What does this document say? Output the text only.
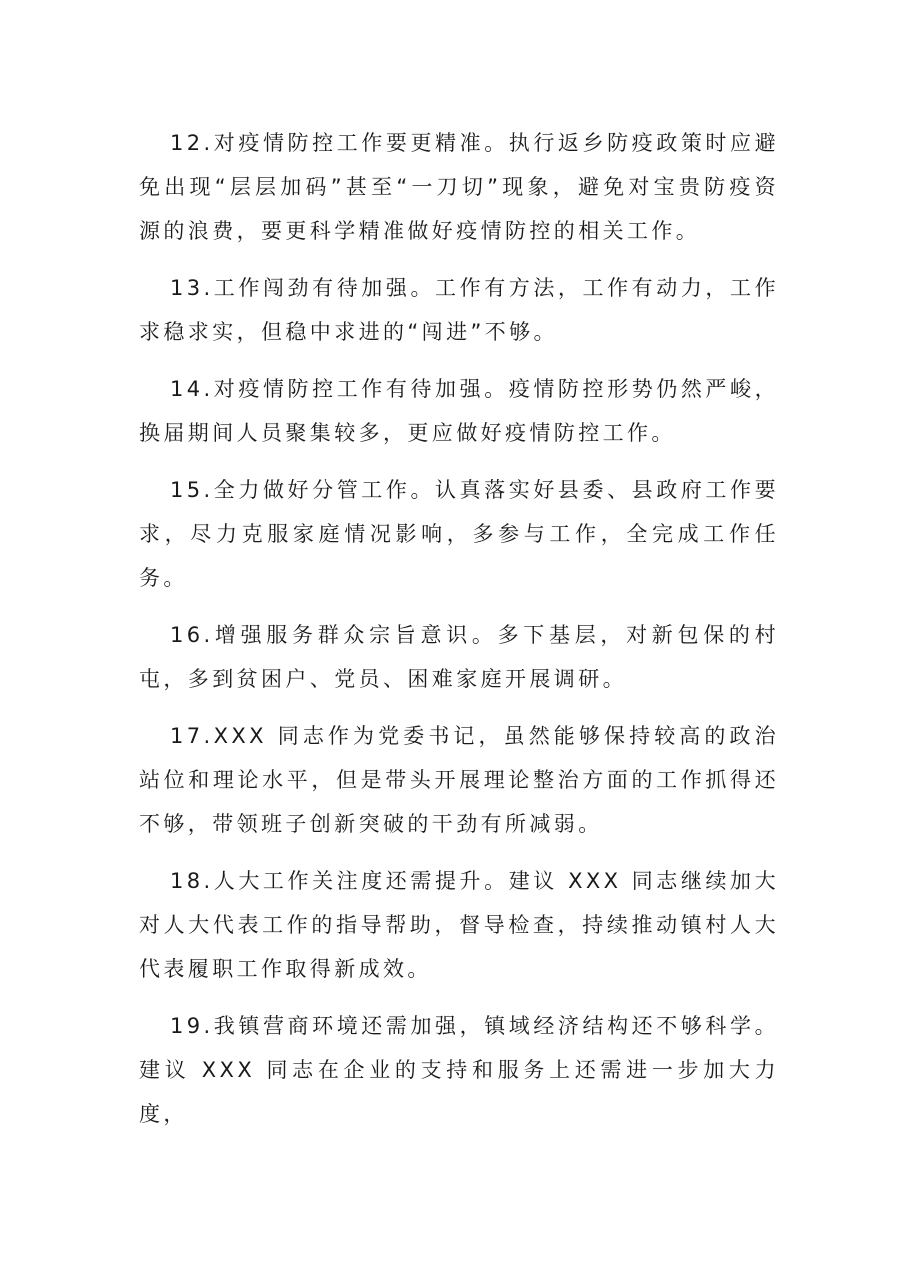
12.对疫情防控工作要更精准。执行返乡防疫政策时应避免出现“层层加码”甚至“一刀切”现象，避免对宝贵防疫资源的浪费，要更科学精准做好疫情防控的相关工作。

13.工作闯劲有待加强。工作有方法，工作有动力，工作求稳求实，但稳中求进的“闯进”不够。

14.对疫情防控工作有待加强。疫情防控形势仍然严峻，换届期间人员聚集较多，更应做好疫情防控工作。

15.全力做好分管工作。认真落实好县委、县政府工作要求，尽力克服家庭情况影响，多参与工作，全完成工作任务。

16.增强服务群众宗旨意识。多下基层，对新包保的村屯，多到贫困户、党员、困难家庭开展调研。

17.XXX 同志作为党委书记，虽然能够保持较高的政治站位和理论水平，但是带头开展理论整治方面的工作抓得还不够，带领班子创新突破的干劲有所减弱。

18.人大工作关注度还需提升。建议 XXX 同志继续加大对人大代表工作的指导帮助，督导检查，持续推动镇村人大代表履职工作取得新成效。

19.我镇营商环境还需加强，镇域经济结构还不够科学。建议 XXX 同志在企业的支持和服务上还需进一步加大力度，
